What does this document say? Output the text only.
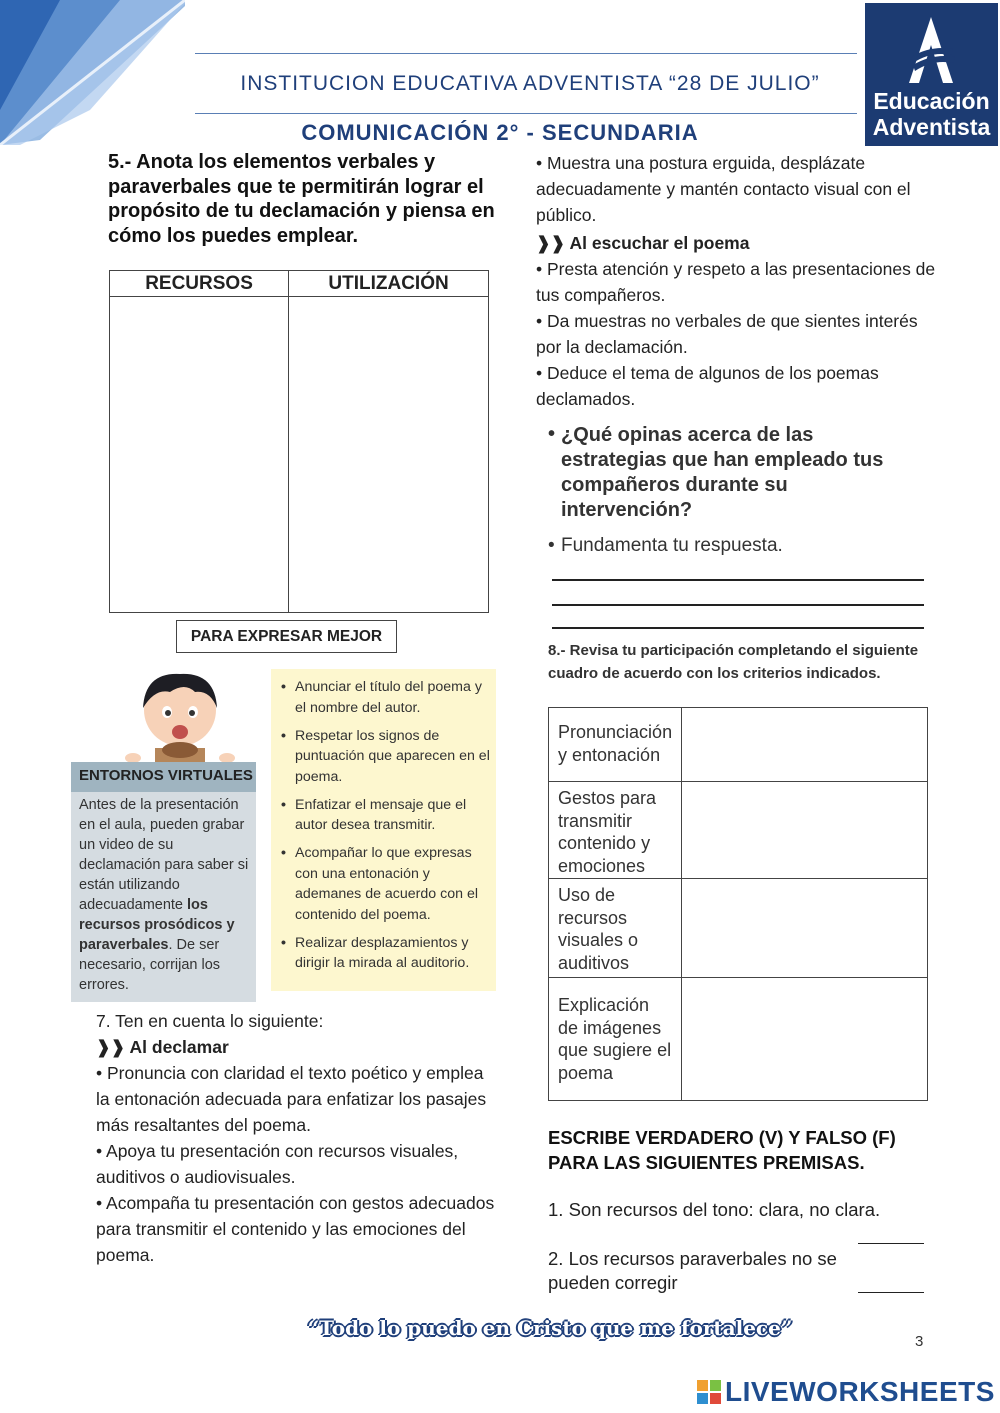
INSTITUCION EDUCATIVA ADVENTISTA “28 DE JULIO”
Educación
Adventista
COMUNICACIÓN 2° - SECUNDARIA
5.- Anota los elementos verbales y paraverbales que te permitirán lograr el propósito de tu declamación y piensa en cómo los puedes emplear.
RECURSOS	UTILIZACIÓN

PARA EXPRESAR MEJOR
ENTORNOS VIRTUALES
Antes de la presentación en el aula, pueden grabar un video de su declamación para saber si están utilizando adecuadamente los recursos prosódicos y paraverbales. De ser necesario, corrijan los errores.
• Anunciar el título del poema y el nombre del autor.
• Respetar los signos de puntuación que aparecen en el poema.
• Enfatizar el mensaje que el autor desea transmitir.
• Acompañar lo que expresas con una entonación y ademanes de acuerdo con el contenido del poema.
• Realizar desplazamientos y dirigir la mirada al auditorio.
7. Ten en cuenta lo siguiente:
❱❱ Al declamar
• Pronuncia con claridad el texto poético y emplea la entonación adecuada para enfatizar los pasajes más resaltantes del poema.
• Apoya tu presentación con recursos visuales, auditivos o audiovisuales.
• Acompaña tu presentación con gestos adecuados para transmitir el contenido y las emociones del poema.
• Muestra una postura erguida, desplázate adecuadamente y mantén contacto visual con el público.
❱❱ Al escuchar el poema
• Presta atención y respeto a las presentaciones de tus compañeros.
• Da muestras no verbales de que sientes interés por la declamación.
• Deduce el tema de algunos de los poemas declamados.
• ¿Qué opinas acerca de las estrategias que han empleado tus compañeros durante su intervención?
• Fundamenta tu respuesta.
8.- Revisa tu participación completando el siguiente cuadro de acuerdo con los criterios indicados.
Pronunciación y entonación	
Gestos para transmitir contenido y emociones	
Uso de recursos visuales o auditivos	
Explicación de imágenes que sugiere el poema	
ESCRIBE VERDADERO (V) Y FALSO (F) PARA LAS SIGUIENTES PREMISAS.
1. Son recursos del tono: clara, no clara.
2. Los recursos paraverbales no se pueden corregir
“Todo lo puedo en Cristo que me fortalece”
3
LIVEWORKSHEETS
